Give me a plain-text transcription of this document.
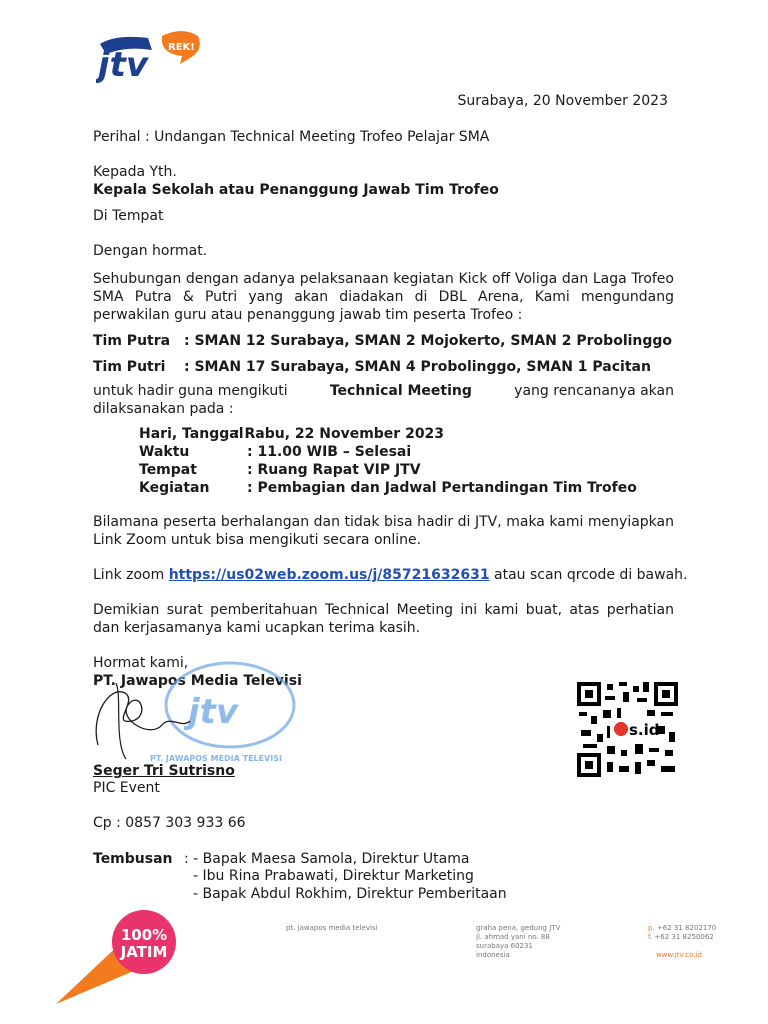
jtv REK!
Surabaya, 20 November 2023
Perihal : Undangan Technical Meeting Trofeo Pelajar SMA
Kepada Yth.
Kepala Sekolah atau Penanggung Jawab Tim Trofeo
Di Tempat
Dengan hormat.
Sehubungan dengan adanya pelaksanaan kegiatan Kick off Voliga dan Laga Trofeo SMA Putra & Putri yang akan diadakan di DBL Arena, Kami mengundang perwakilan guru atau penanggung jawab tim peserta Trofeo :
Tim Putra : SMAN 12 Surabaya, SMAN 2 Mojokerto, SMAN 2 Probolinggo
Tim Putri : SMAN 17 Surabaya, SMAN 4 Probolinggo, SMAN 1 Pacitan
untuk hadir guna mengikuti	Technical Meeting	yang rencananya akan
dilaksanakan pada :
Hari, Tanggal
: Rabu, 22 November 2023
Waktu	: 11.00 WIB – Selesai
Tempat	: Ruang Rapat VIP JTV
Kegiatan	: Pembagian dan Jadwal Pertandingan Tim Trofeo
Bilamana peserta berhalangan dan tidak bisa hadir di JTV, maka kami menyiapkan Link Zoom untuk bisa mengikuti secara online.
Link zoom https://us02web.zoom.us/j/85721632631 atau scan qrcode di bawah.
Demikian surat pemberitahuan Technical Meeting ini kami buat, atas perhatian dan kerjasamanya kami ucapkan terima kasih.
Hormat kami,
PT. Jawapos Media Televisi
jtv
PT. JAWAPOS MEDIA TELEVISI
Seger Tri Sutrisno
PIC Event
Cp : 0857 303 933 66
s.id
Tembusan : - Bapak Maesa Samola, Direktur Utama
- Ibu Rina Prabawati, Direktur Marketing
- Bapak Abdul Rokhim, Direktur Pemberitaan
100%
JATIM
pt. jawapos media televisi	graha pena, gedung JTV
jl. ahmad yani no. 88
surabaya 60231
indonesia
p. +62 31 8202170
f. +62 31 8250062
www.jtv.co.id
